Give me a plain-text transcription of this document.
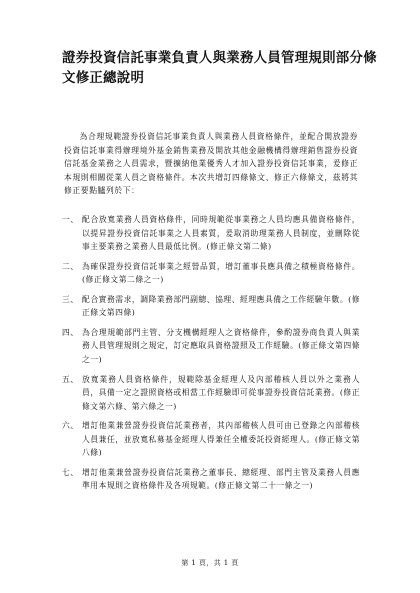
證券投資信託事業負責人與業務人員管理規則部分條文修正總說明

為合理規範證券投資信託事業負責人與業務人員資格條件，並配合開放證券投資信託事業得辦理境外基金銷售業務及開放其他金融機構得辦理銷售證券投資信託基金業務之人員需求，暨擴納他業優秀人才加入證券投資信託事業，爰修正本規則相關從業人員之資格條件。本次共增訂四條條文、修正六條條文，茲將其修正要點臚列於下：

一、 配合放寬業務人員資格條件，同時規範從事業務之人員均應具備資格條件，以提昇證券投資信託事業之人員素質，爰取消助理業務人員制度，並刪除從事主要業務之業務人員最低比例。(修正條文第二條)
二、 為確保證券投資信託事業之經營品質，增訂董事長應具備之積極資格條件。(修正條文第二條之一)
三、 配合實務需求，調降業務部門副總、協理、經理應具備之工作經驗年數。(修正條文第四條)
四、 為合理規範部門主管、分支機構經理人之資格條件，參酌證券商負責人與業務人員管理規則之規定，訂定應取具資格證照及工作經驗。(修正條文第四條之一)
五、 放寬業務人員資格條件，規範除基金經理人及內部稽核人員以外之業務人員，具備一定之證照資格或相當工作經驗即可從事證券投資信託業務。(修正條文第六條、第六條之一)
六、 增訂他業兼營證券投資信託業務者，其內部稽核人員可由已登錄之內部稽核人員兼任，並放寬私募基金經理人得兼任全權委託投資經理人。(修正條文第八條)
七、 增訂他業兼營證券投資信託業務之董事長、總經理、部門主管及業務人員應準用本規則之資格條件及各項規範。(修正條文第二十一條之一)
第 1 頁，共 1 頁
